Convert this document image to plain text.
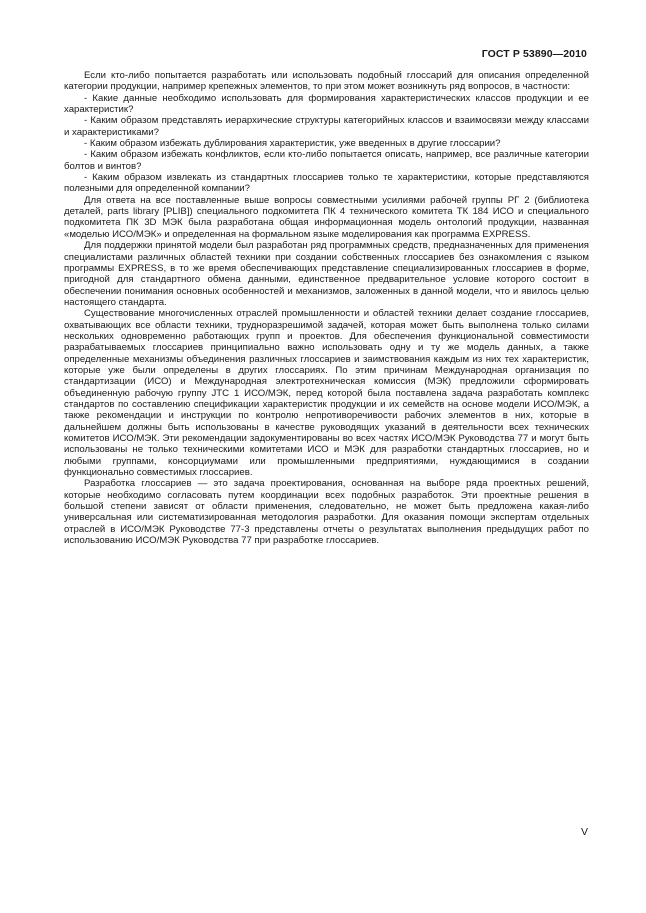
ГОСТ Р 53890—2010

Если кто-либо попытается разработать или использовать подобный глоссарий для описания определенной категории продукции, например крепежных элементов, то при этом может возникнуть ряд вопросов, в частности:

- Какие данные необходимо использовать для формирования характеристических классов продукции и ее характеристик?

- Каким образом представлять иерархические структуры категорийных классов и взаимосвязи между классами и характеристиками?

- Каким образом избежать дублирования характеристик, уже введенных в другие глоссарии?

- Каким образом избежать конфликтов, если кто-либо попытается описать, например, все различные категории болтов и винтов?

- Каким образом извлекать из стандартных глоссариев только те характеристики, которые представляются полезными для определенной компании?

Для ответа на все поставленные выше вопросы совместными усилиями рабочей группы РГ 2 (библиотека деталей, parts library [PLIB]) специального подкомитета ПК 4 технического комитета ТК 184 ИСО и специального подкомитета ПК 3D МЭК была разработана общая информационная модель онтологий продукции, названная «моделью ИСО/МЭК» и определенная на формальном языке моделирования как программа EXPRESS.

Для поддержки принятой модели был разработан ряд программных средств, предназначенных для применения специалистами различных областей техники при создании собственных глоссариев без ознакомления с языком программы EXPRESS, в то же время обеспечивающих представление специализированных глоссариев в форме, пригодной для стандартного обмена данными, единственное предварительное условие которого состоит в обеспечении понимания основных особенностей и механизмов, заложенных в данной модели, что и явилось целью настоящего стандарта.

Существование многочисленных отраслей промышленности и областей техники делает создание глоссариев, охватывающих все области техники, трудноразрешимой задачей, которая может быть выполнена только силами нескольких одновременно работающих групп и проектов. Для обеспечения функциональной совместимости разрабатываемых глоссариев принципиально важно использовать одну и ту же модель данных, а также определенные механизмы объединения различных глоссариев и заимствования каждым из них тех характеристик, которые уже были определены в других глоссариях. По этим причинам Международная организация по стандартизации (ИСО) и Международная электротехническая комиссия (МЭК) предложили сформировать объединенную рабочую группу JTC 1 ИСО/МЭК, перед которой была поставлена задача разработать комплекс стандартов по составлению спецификации характеристик продукции и их семейств на основе модели ИСО/МЭК, а также рекомендации и инструкции по контролю непротиворечивости рабочих элементов в них, которые в дальнейшем должны быть использованы в качестве руководящих указаний в деятельности всех технических комитетов ИСО/МЭК. Эти рекомендации задокументированы во всех частях ИСО/МЭК Руководства 77 и могут быть использованы не только техническими комитетами ИСО и МЭК для разработки стандартных глоссариев, но и любыми группами, консорциумами или промышленными предприятиями, нуждающимися в создании функционально совместимых глоссариев.

Разработка глоссариев — это задача проектирования, основанная на выборе ряда проектных решений, которые необходимо согласовать путем координации всех подобных разработок. Эти проектные решения в большой степени зависят от области применения, следовательно, не может быть предложена какая-либо универсальная или систематизированная методология разработки. Для оказания помощи экспертам отдельных отраслей в ИСО/МЭК Руководстве 77-3 представлены отчеты о результатах выполнения предыдущих работ по использованию ИСО/МЭК Руководства 77 при разработке глоссариев.

V
